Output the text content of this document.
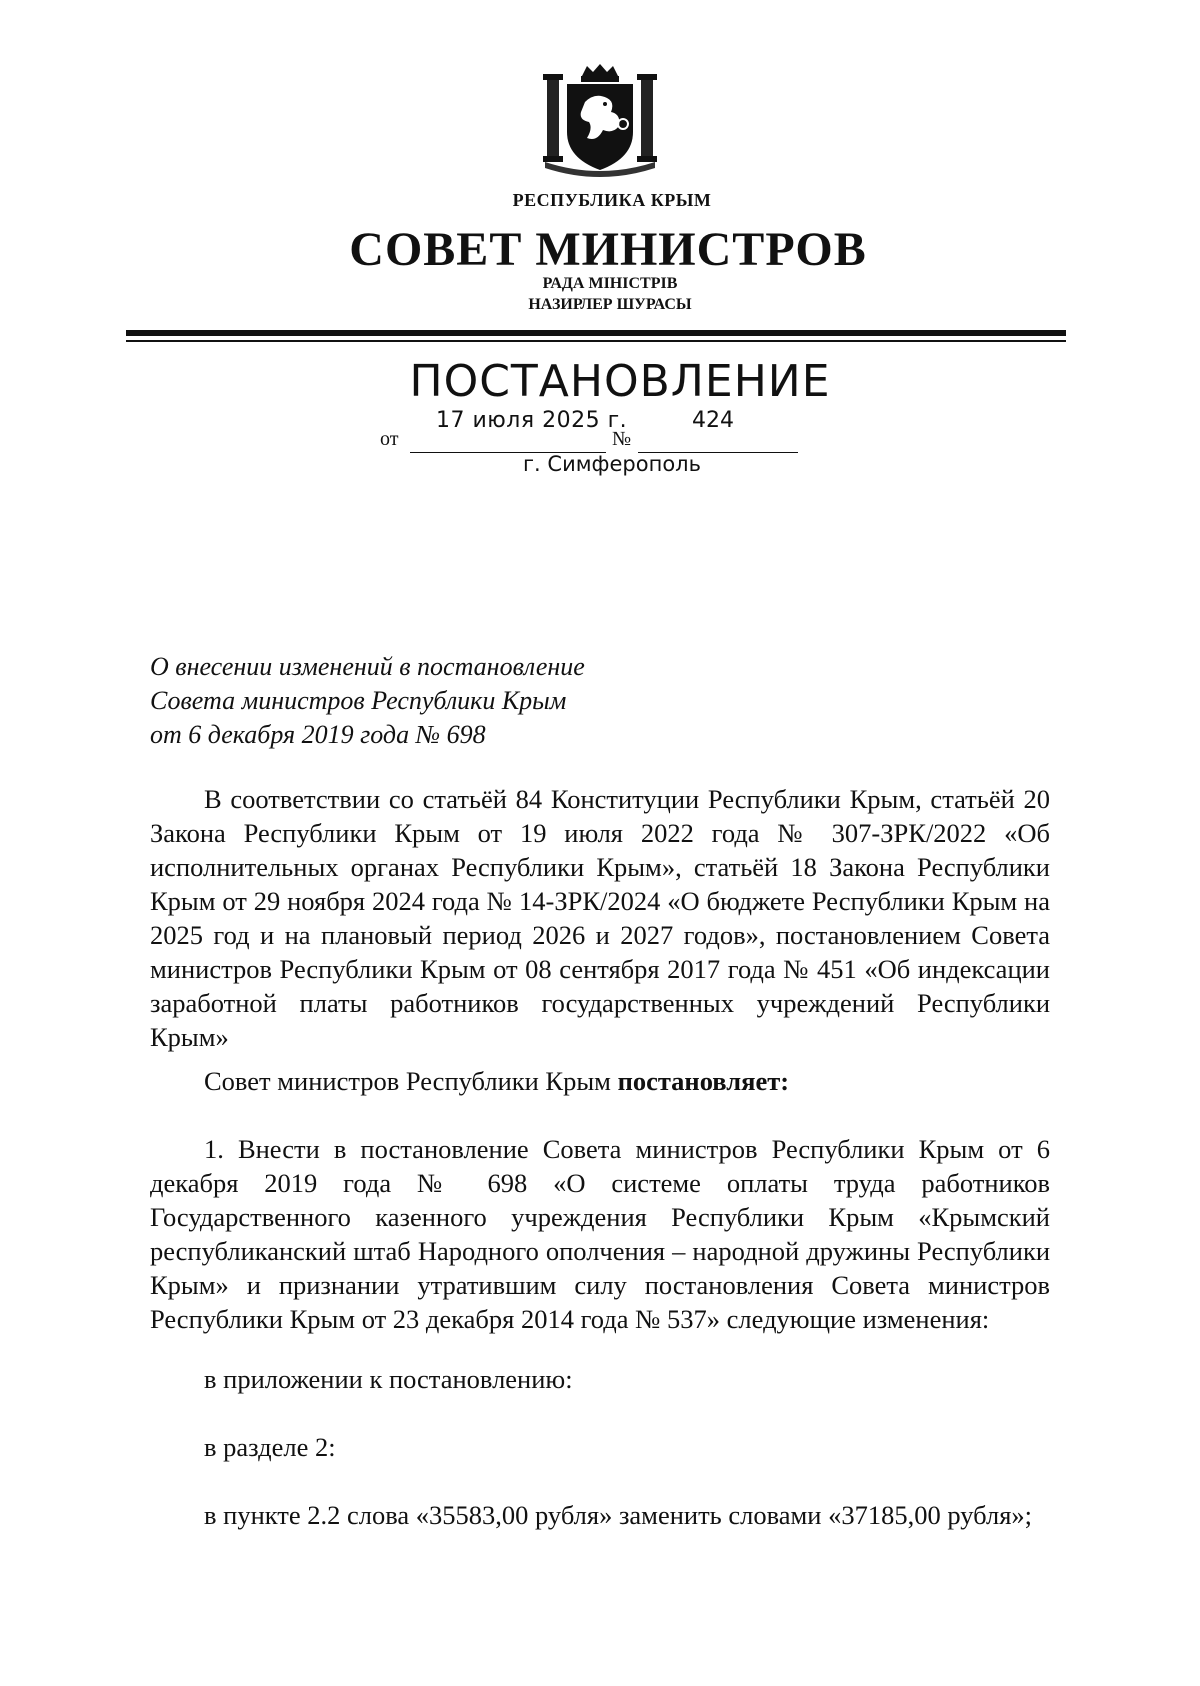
РЕСПУБЛИКА КРЫМ
СОВЕТ МИНИСТРОВ
РАДА МІНІСТРІВ
НАЗИРЛЕР ШУРАСЫ
ПОСТАНОВЛЕНИЕ
от
17 июля 2025 г.
№
424
г. Симферополь
О внесении изменений в постановление
Совета министров Республики Крым
от 6 декабря 2019 года № 698
В соответствии со статьёй 84 Конституции Республики Крым, статьёй 20 Закона Республики Крым от 19 июля 2022 года № 307-ЗРК/2022 «Об исполнительных органах Республики Крым», статьёй 18 Закона Республики Крым от 29 ноября 2024 года № 14-ЗРК/2024 «О бюджете Республики Крым на 2025 год и на плановый период 2026 и 2027 годов», постановлением Совета министров Республики Крым от 08 сентября 2017 года № 451 «Об индексации заработной платы работников государственных учреждений Республики Крым»
Совет министров Республики Крым постановляет:
1. Внести в постановление Совета министров Республики Крым от 6 декабря 2019 года № 698 «О системе оплаты труда работников Государственного казенного учреждения Республики Крым «Крымский республиканский штаб Народного ополчения – народной дружины Республики Крым» и признании утратившим силу постановления Совета министров Республики Крым от 23 декабря 2014 года № 537» следующие изменения:
в приложении к постановлению:
в разделе 2:
в пункте 2.2 слова «35583,00 рубля» заменить словами «37185,00 рубля»;
